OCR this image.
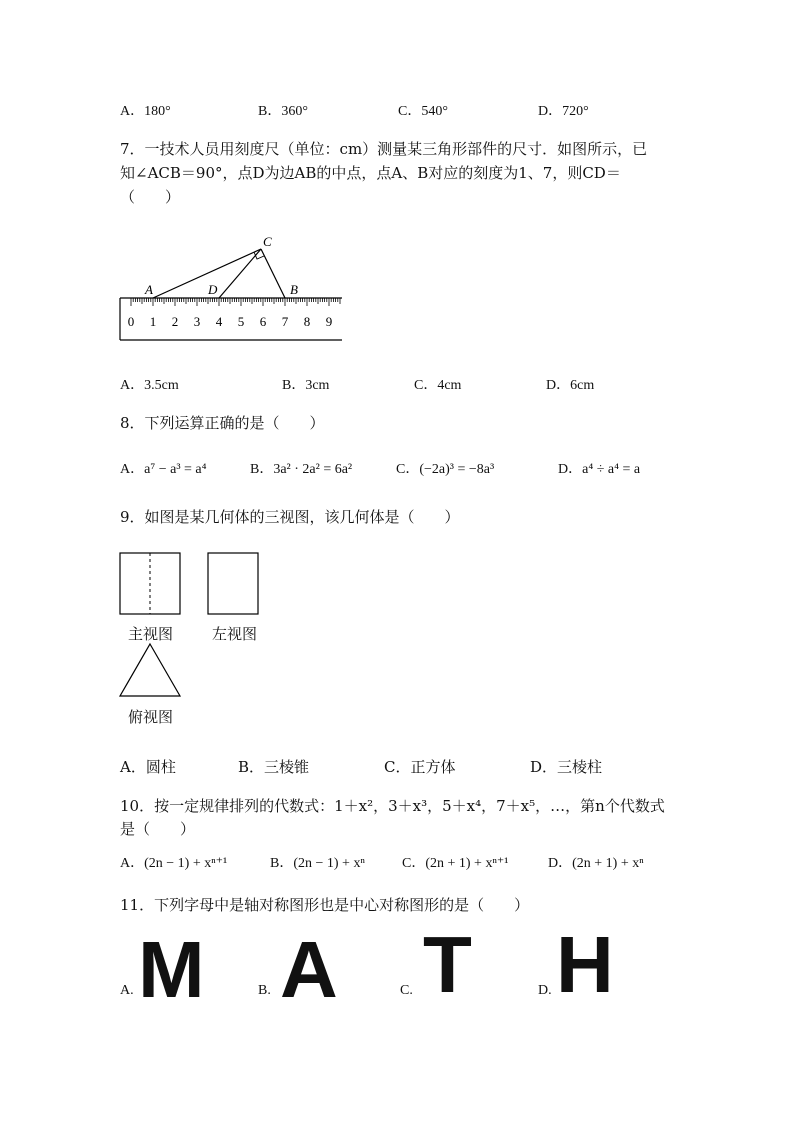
A．180°	B．360°	C．540°	D．720°
7．一技术人员用刻度尺（单位：cm）测量某三角形部件的尺寸．如图所示，已
知∠ACB＝90°，点D为边AB的中点，点A、B对应的刻度为1、7，则CD＝
（　　）
C
A	D	B
0 1 2 3 4 5 6 7 8 9
A．3.5cm	B．3cm	C．4cm	D．6cm
8．下列运算正确的是（　　）
A．a⁷ − a³ = a⁴	B．3a² · 2a² = 6a²	C．(−2a)³ = −8a³	D．a⁴ ÷ a⁴ = a
9．如图是某几何体的三视图，该几何体是（　　）
主视图	左视图
俯视图
A．圆柱	B．三棱锥	C．正方体	D．三棱柱
10．按一定规律排列的代数式：1＋x²，3＋x³，5＋x⁴，7＋x⁵，…，第n个代数式
是（　　）
A．(2n − 1) + xⁿ⁺¹	B．(2n − 1) + xⁿ	C．(2n + 1) + xⁿ⁺¹	D．(2n + 1) + xⁿ
11．下列字母中是轴对称图形也是中心对称图形的是（　　）
A. M	B. A	C. T	D. H
